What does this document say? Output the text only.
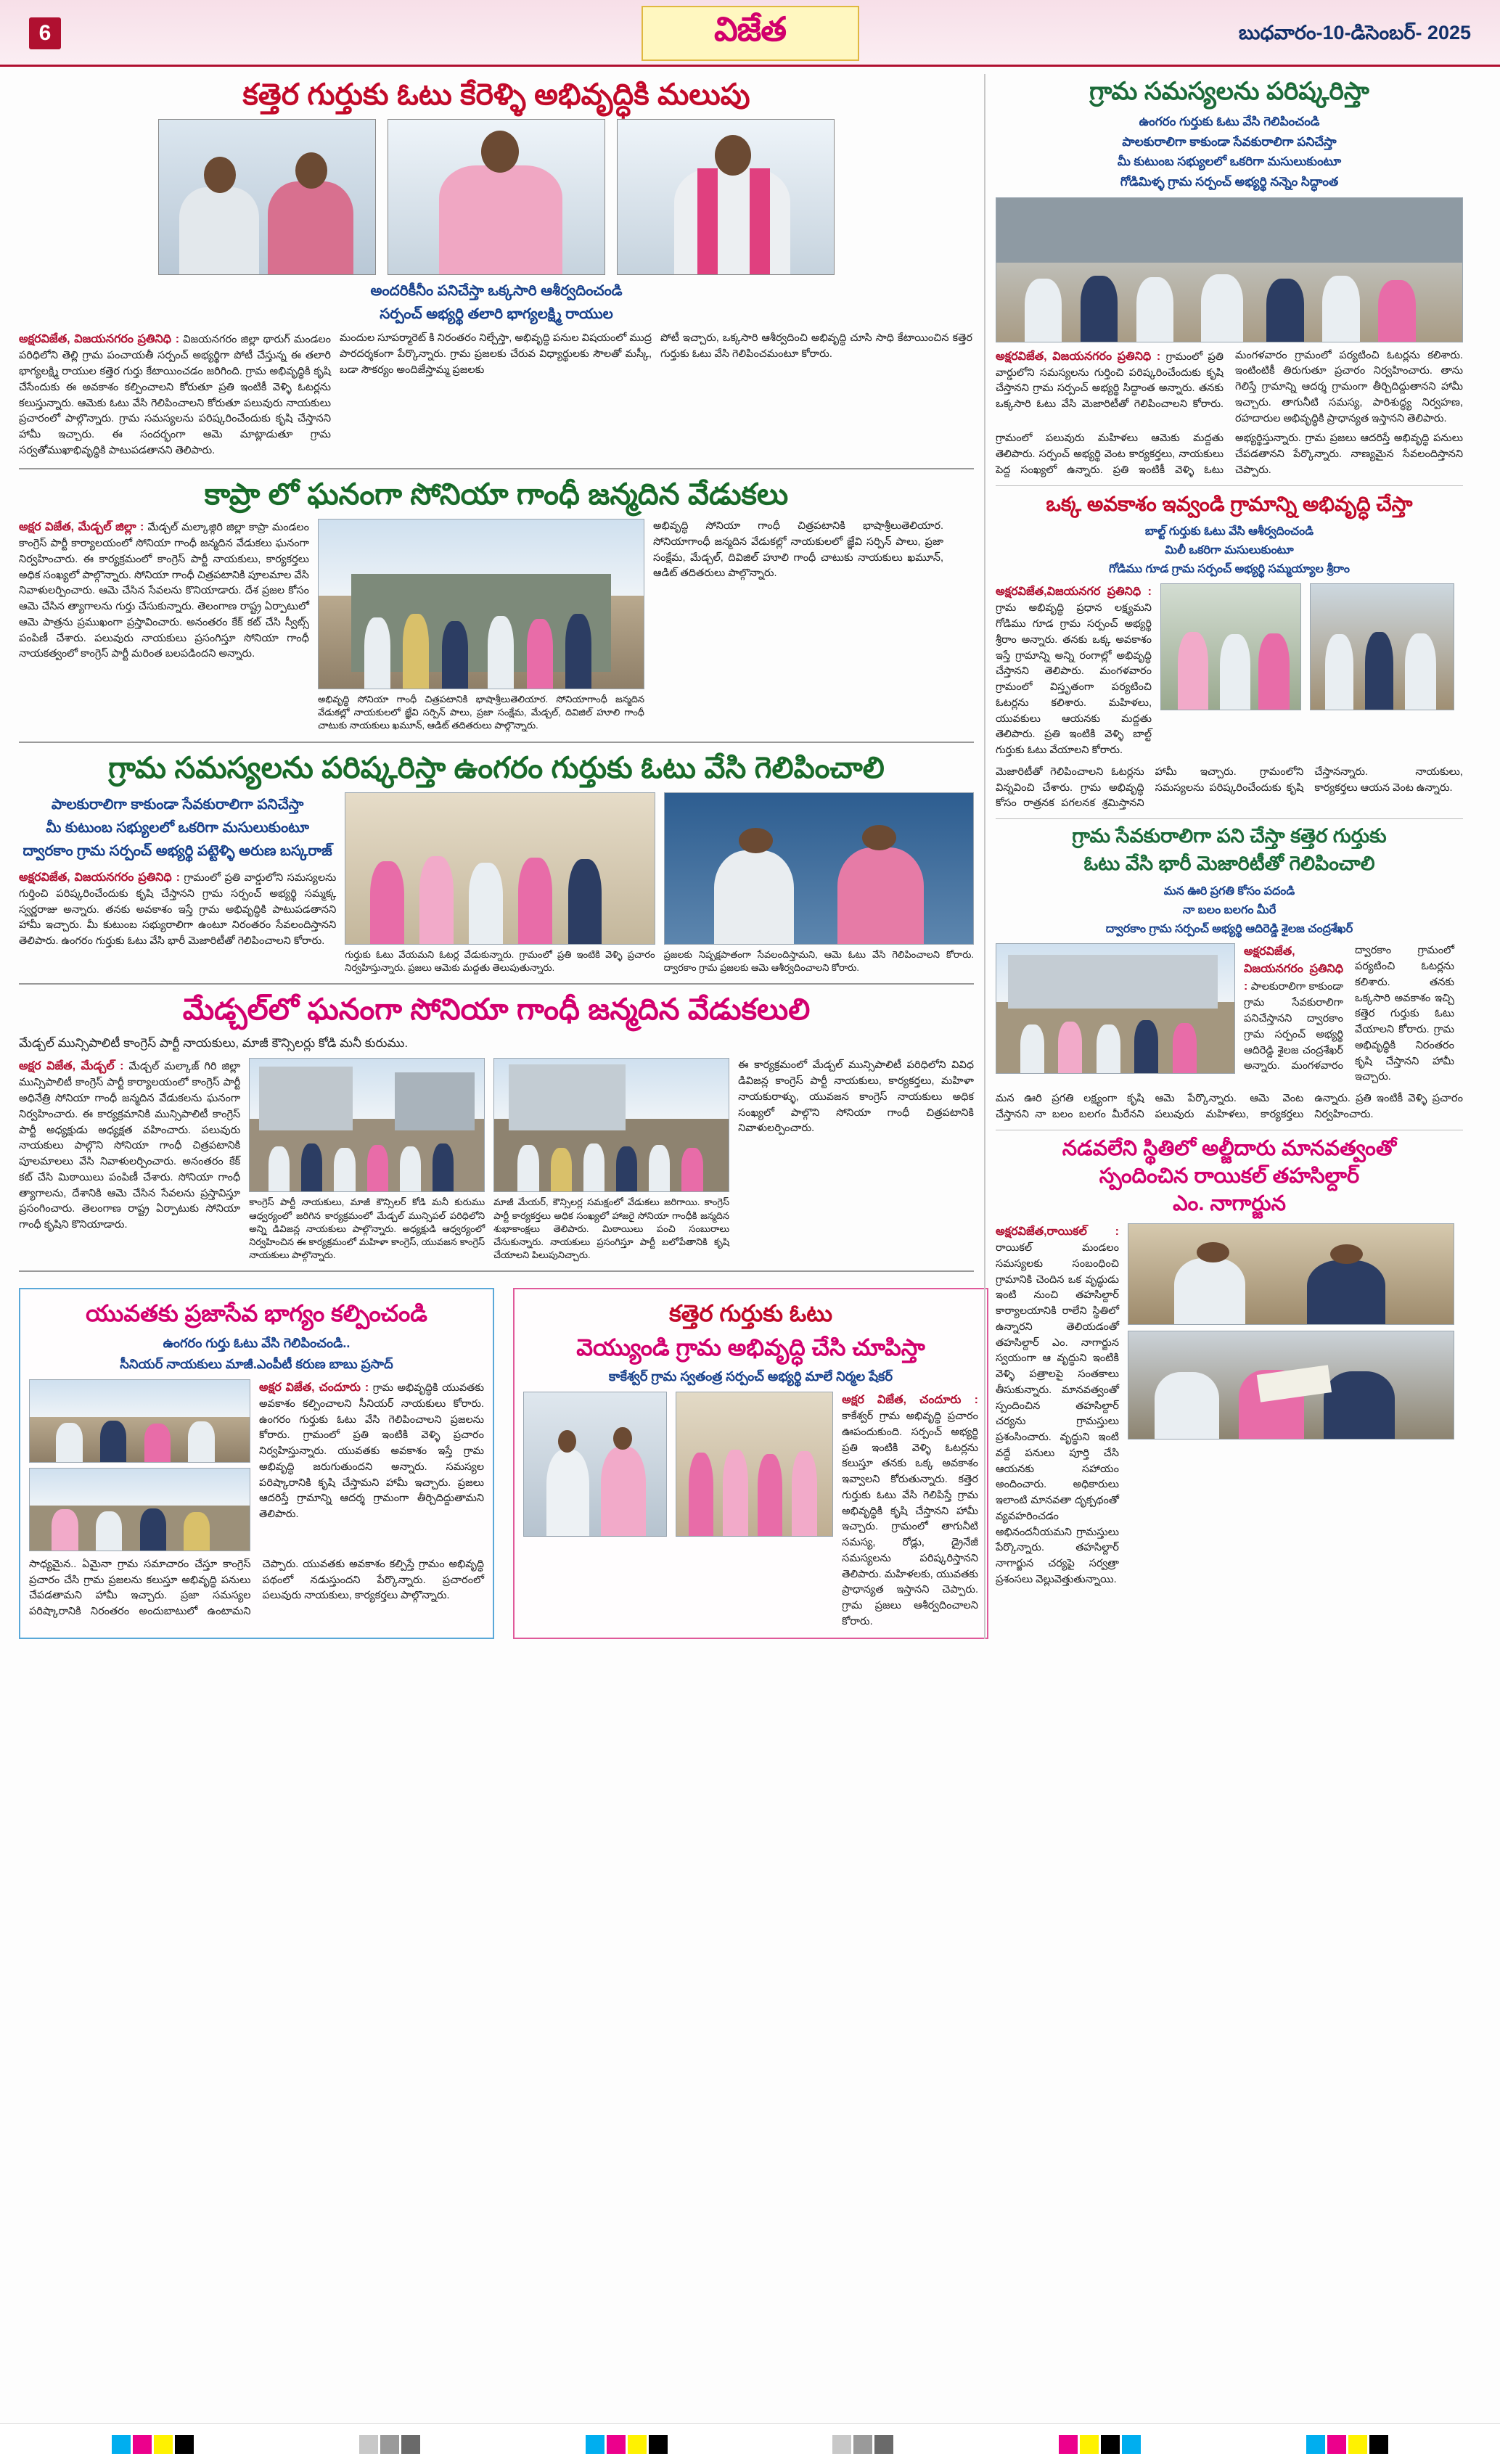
6	విజేత	బుధవారం-10-డిసెంబర్- 2025
కత్తెర గుర్తుకు ఓటు కేరెళ్ళి అభివృద్ధికి మలుపు
అందరికీనీం పనిచేస్తా ఒక్కసారి ఆశీర్వదించండి
సర్పంచ్ అభ్యర్థి తలారి భాగ్యలక్ష్మి రాయుల
అక్షరవిజేత, విజయనగరం ప్రతినిధి : విజయనగరం జిల్లా థారుగ్ మండలం పరిధిలోని తెల్లి గ్రామ పంచాయతీ సర్పంచ్ అభ్యర్థిగా పోటీ చేస్తున్న ఈ తలారి భాగ్యలక్ష్మి రాయుల కత్తెర గుర్తు కేటాయించడం జరిగింది. గ్రామ అభివృద్ధికి కృషి చేసేందుకు ఈ అవకాశం కల్పించాలని కోరుతూ ప్రతి ఇంటికీ వెళ్ళి ఓటర్లను కలుస్తున్నారు. ఆమెకు ఓటు వేసి గెలిపించాలని కోరుతూ పలువురు నాయకులు ప్రచారంలో పాల్గొన్నారు. గ్రామ సమస్యలను పరిష్కరించేందుకు కృషి చేస్తానని హామీ ఇచ్చారు. ఈ సందర్భంగా ఆమె మాట్లాడుతూ గ్రామ సర్వతోముఖాభివృద్ధికి పాటుపడతానని తెలిపారు.
మందుల సూపర్మారెట్ కి నిరంతరం నిల్చేస్తా, అభివృద్ధి పనుల విషయంలో ముద్ర పారదర్శకంగా పేర్కొన్నారు. గ్రామ ప్రజలకు చేరువ విధ్యార్థులకు సౌలతో మస్కీ, బడా సౌకర్యం అందిజేస్తామ్మ ప్రజలకు
పోటీ ఇచ్చారు, ఒక్కసారి ఆశీర్వదించి అభివృద్ధి చూసి సాధి కేటాయించిన కత్తెర గుర్తుకు ఓటు వేసి గెలిపించమంటూ కోరారు.
కాప్రా లో ఘనంగా సోనియా గాంధీ జన్మదిన వేడుకలు
అక్షర విజేత, మేడ్చల్ జిల్లా : మేడ్చల్ మల్కాజ్గిరి జిల్లా కాప్రా మండలం కాంగ్రెస్ పార్టీ కార్యాలయంలో సోనియా గాంధీ జన్మదిన వేడుకలు ఘనంగా నిర్వహించారు. ఈ కార్యక్రమంలో కాంగ్రెస్ పార్టీ నాయకులు, కార్యకర్తలు అధిక సంఖ్యలో పాల్గొన్నారు. సోనియా గాంధీ చిత్రపటానికి పూలమాల వేసి నివాళులర్పించారు. ఆమె చేసిన సేవలను కొనియాడారు. దేశ ప్రజల కోసం ఆమె చేసిన త్యాగాలను గుర్తు చేసుకున్నారు. తెలంగాణ రాష్ట్ర ఏర్పాటులో ఆమె పాత్రను ప్రముఖంగా ప్రస్తావించారు. అనంతరం కేక్ కట్ చేసి స్వీట్స్ పంపిణీ చేశారు. పలువురు నాయకులు ప్రసంగిస్తూ సోనియా గాంధీ నాయకత్వంలో కాంగ్రెస్ పార్టీ మరింత బలపడిందని అన్నారు.
అభివృద్ధి సోనియా గాంధీ చిత్రపటానికి భాషాశ్రీలుతెలియార. సోనియాగాంధీ జన్మదిన వేడుకల్లో నాయకులలో జ్ఞేవి సర్పిన్ పాలు, ప్రజా సంక్షేమ, మేడ్చల్, దివిజిల్ హూలి గాంధీ చాటుకు నాయకులు ఖమూన్, ఆడిట్ తదితరులు పాల్గొన్నారు.
అభివృద్ధి సోనియా గాంధీ చిత్రపటానికి భాషాశ్రీలుతెలియార. సోనియాగాంధీ జన్మదిన వేడుకల్లో నాయకులలో జ్ఞేవి సర్పిన్ పాలు, ప్రజా సంక్షేమ, మేడ్చల్, దివిజిల్ హూలి గాంధీ చాటుకు నాయకులు ఖమూన్, ఆడిట్ తదితరులు పాల్గొన్నారు.
గ్రామ సమస్యలను పరిష్కరిస్తా ఉంగరం గుర్తుకు ఓటు వేసి గెలిపించాలి
పాలకురాలిగా కాకుండా సేవకురాలిగా పనిచేస్తా
మీ కుటుంబ సభ్యులలో ఒకరిగా మసులుకుంటూ
ద్వారకాం గ్రామ సర్పంచ్ అభ్యర్థి పట్టెళ్ళి అరుణ బస్కరాజ్
అక్షరవిజేత, విజయనగరం ప్రతినిధి : గ్రామంలో ప్రతి వార్డులోని సమస్యలను గుర్తించి పరిష్కరించేందుకు కృషి చేస్తానని గ్రామ సర్పంచ్ అభ్యర్థి సమ్మక్క స్వర్ణరాజు అన్నారు. తనకు అవకాశం ఇస్తే గ్రామ అభివృద్ధికి పాటుపడతానని హామీ ఇచ్చారు. మీ కుటుంబ సభ్యురాలిగా ఉంటూ నిరంతరం సేవలందిస్తానని తెలిపారు. ఉంగరం గుర్తుకు ఓటు వేసి భారీ మెజారిటీతో గెలిపించాలని కోరారు.
గుర్తుకు ఓటు వేయమని ఓటర్ల వేడుకున్నారు. గ్రామంలో ప్రతి ఇంటికి వెళ్ళి ప్రచారం నిర్వహిస్తున్నారు. ప్రజలు ఆమెకు మద్దతు తెలుపుతున్నారు.
ప్రజలకు నిష్పక్షపాతంగా సేవలందిస్తామని, ఆమె ఓటు వేసి గెలిపించాలని కోరారు. ద్వారకాం గ్రామ ప్రజలకు ఆమె ఆశీర్వదించాలని కోరారు.
మేడ్చల్‌లో ఘనంగా సోనియా గాంధీ జన్మదిన వేడుకలులి
మేడ్చల్ మున్సిపాలిటీ కాంగ్రెస్ పార్టీ నాయకులు, మాజీ కౌన్సిలర్లు కోడి మనీ కురుము.
అక్షర విజేత, మేడ్చల్ : మేడ్చల్ మల్కాజ్ గిరి జిల్లా మున్సిపాలిటీ కాంగ్రెస్ పార్టీ కార్యాలయంలో కాంగ్రెస్ పార్టీ అధినేత్రి సోనియా గాంధీ జన్మదిన వేడుకలను ఘనంగా నిర్వహించారు. ఈ కార్యక్రమానికి మున్సిపాలిటీ కాంగ్రెస్ పార్టీ అధ్యక్షుడు అధ్యక్షత వహించారు. పలువురు నాయకులు పాల్గొని సోనియా గాంధీ చిత్రపటానికి పూలమాలలు వేసి నివాళులర్పించారు. అనంతరం కేక్ కట్ చేసి మిఠాయిలు పంపిణీ చేశారు. సోనియా గాంధీ త్యాగాలను, దేశానికి ఆమె చేసిన సేవలను ప్రస్తావిస్తూ ప్రసంగించారు. తెలంగాణ రాష్ట్ర ఏర్పాటుకు సోనియా గాంధీ కృషిని కొనియాడారు.
కాంగ్రెస్ పార్టీ నాయకులు, మాజీ కౌన్సిలర్ కోడి మనీ కురుము ఆధ్వర్యంలో జరిగిన కార్యక్రమంలో మేడ్చల్ మున్సిపల్ పరిధిలోని అన్ని డివిజన్ల నాయకులు పాల్గొన్నారు. అధ్యక్షుడి ఆధ్వర్యంలో నిర్వహించిన ఈ కార్యక్రమంలో మహిళా కాంగ్రెస్, యువజన కాంగ్రెస్ నాయకులు పాల్గొన్నారు.
మాజీ మేయర్, కౌన్సిలర్ల సమక్షంలో వేడుకలు జరిగాయి. కాంగ్రెస్ పార్టీ కార్యకర్తలు అధిక సంఖ్యలో హాజరై సోనియా గాంధీకి జన్మదిన శుభాకాంక్షలు తెలిపారు. మిఠాయిలు పంచి సంబురాలు చేసుకున్నారు. నాయకులు ప్రసంగిస్తూ పార్టీ బలోపేతానికి కృషి చేయాలని పిలుపునిచ్చారు.
ఈ కార్యక్రమంలో మేడ్చల్ మున్సిపాలిటీ పరిధిలోని వివిధ డివిజన్ల కాంగ్రెస్ పార్టీ నాయకులు, కార్యకర్తలు, మహిళా నాయకురాళ్ళు, యువజన కాంగ్రెస్ నాయకులు అధిక సంఖ్యలో పాల్గొని సోనియా గాంధీ చిత్రపటానికి నివాళులర్పించారు.
యువతకు ప్రజాసేవ భాగ్యం కల్పించండి
ఉంగరం గుర్తు ఓటు వేసి గెలిపించండి..
సీనియర్ నాయకులు మాజీ.ఎంపీటీ కరుణ బాబు ప్రసాద్
అక్షర విజేత, చందూరు : గ్రామ అభివృద్ధికి యువతకు అవకాశం కల్పించాలని సీనియర్ నాయకులు కోరారు. ఉంగరం గుర్తుకు ఓటు వేసి గెలిపించాలని ప్రజలను కోరారు. గ్రామంలో ప్రతి ఇంటికి వెళ్ళి ప్రచారం నిర్వహిస్తున్నారు. యువతకు అవకాశం ఇస్తే గ్రామ అభివృద్ధి జరుగుతుందని అన్నారు. సమస్యల పరిష్కారానికి కృషి చేస్తామని హామీ ఇచ్చారు. ప్రజలు ఆదరిస్తే గ్రామాన్ని ఆదర్శ గ్రామంగా తీర్చిదిద్దుతామని తెలిపారు.
సాధ్యమైన.. ఏమైనా గ్రామ సమాచారం చేస్తూ కాంగ్రెస్ ప్రచారం చేసి గ్రామ ప్రజలను కలుస్తూ అభివృద్ధి పనులు చేపడతామని హామీ ఇచ్చారు. ప్రజా సమస్యల పరిష్కారానికి నిరంతరం అందుబాటులో ఉంటామని చెప్పారు. యువతకు అవకాశం కల్పిస్తే గ్రామం అభివృద్ధి పథంలో నడుస్తుందని పేర్కొన్నారు. ప్రచారంలో పలువురు నాయకులు, కార్యకర్తలు పాల్గొన్నారు.
కత్తెర గుర్తుకు ఓటు
వెయ్యుండి గ్రామ అభివృద్ధి చేసి చూపిస్తా
కాకేశ్వర్ గ్రామ స్వతంత్ర సర్పంచ్ అభ్యర్థి మాలే నిర్మల షేకర్
అక్షర విజేత, చందూరు : కాకేశ్వర్ గ్రామ అభివృద్ధి ప్రచారం ఊపందుకుంది. సర్పంచ్ అభ్యర్థి ప్రతి ఇంటికి వెళ్ళి ఓటర్లను కలుస్తూ తనకు ఒక్క అవకాశం ఇవ్వాలని కోరుతున్నారు. కత్తెర గుర్తుకు ఓటు వేసి గెలిపిస్తే గ్రామ అభివృద్ధికి కృషి చేస్తానని హామీ ఇచ్చారు. గ్రామంలో తాగునీటి సమస్య, రోడ్లు, డ్రైనేజీ సమస్యలను పరిష్కరిస్తానని తెలిపారు. మహిళలకు, యువతకు ప్రాధాన్యత ఇస్తానని చెప్పారు. గ్రామ ప్రజలు ఆశీర్వదించాలని కోరారు.
గ్రామ సమస్యలను పరిష్కరిస్తా
ఉంగరం గుర్తుకు ఓటు వేసి గెలిపించండి
పాలకురాలిగా కాకుండా సేవకురాలిగా పనిచేస్తా
మీ కుటుంబ సభ్యులలో ఒకరిగా మసులుకుంటూ
గోడిమిళ్ళ గ్రామ సర్పంచ్ అభ్యర్థి నన్నెం సిద్ధాంత
అక్షరవిజేత, విజయనగరం ప్రతినిధి : గ్రామంలో ప్రతి వార్డులోని సమస్యలను గుర్తించి పరిష్కరించేందుకు కృషి చేస్తానని గ్రామ సర్పంచ్ అభ్యర్థి సిద్ధాంత అన్నారు. తనకు ఒక్కసారి ఓటు వేసి మెజారిటీతో గెలిపించాలని కోరారు. మంగళవారం గ్రామంలో పర్యటించి ఓటర్లను కలిశారు. ఇంటింటికీ తిరుగుతూ ప్రచారం నిర్వహించారు. తాను గెలిస్తే గ్రామాన్ని ఆదర్శ గ్రామంగా తీర్చిదిద్దుతానని హామీ ఇచ్చారు. తాగునీటి సమస్య, పారిశుద్ధ్య నిర్వహణ, రహదారుల అభివృద్ధికి ప్రాధాన్యత ఇస్తానని తెలిపారు.
గ్రామంలో పలువురు మహిళలు ఆమెకు మద్దతు తెలిపారు. సర్పంచ్ అభ్యర్థి వెంట కార్యకర్తలు, నాయకులు పెద్ద సంఖ్యలో ఉన్నారు. ప్రతి ఇంటికీ వెళ్ళి ఓటు అభ్యర్థిస్తున్నారు. గ్రామ ప్రజలు ఆదరిస్తే అభివృద్ధి పనులు చేపడతానని పేర్కొన్నారు. నాణ్యమైన సేవలందిస్తానని చెప్పారు.
ఒక్క అవకాశం ఇవ్వండి గ్రామాన్ని అభివృద్ధి చేస్తా
బాల్ట్ గుర్తుకు ఓటు వేసి ఆశీర్వదించండి
మిలీ ఒకరిగా మసులుకుంటూ
గోడిము గూడ గ్రామ సర్పంచ్ అభ్యర్థి సమ్మయ్యాల శ్రీరాం
అక్షరవిజేత,విజయనగర ప్రతినిధి : గ్రామ అభివృద్ధి ప్రధాన లక్ష్యమని గోడిము గూడ గ్రామ సర్పంచ్ అభ్యర్థి శ్రీరాం అన్నారు. తనకు ఒక్క అవకాశం ఇస్తే గ్రామాన్ని అన్ని రంగాల్లో అభివృద్ధి చేస్తానని తెలిపారు. మంగళవారం గ్రామంలో విస్తృతంగా పర్యటించి ఓటర్లను కలిశారు. మహిళలు, యువకులు ఆయనకు మద్దతు తెలిపారు. ప్రతి ఇంటికి వెళ్ళి బాల్ట్ గుర్తుకు ఓటు వేయాలని కోరారు.
మెజారిటీతో గెలిపించాలని ఓటర్లను విన్నవించి చేశారు. గ్రామ అభివృద్ధి కోసం రాత్రనక పగలనక శ్రమిస్తానని హామీ ఇచ్చారు. గ్రామంలోని సమస్యలను పరిష్కరించేందుకు కృషి చేస్తానన్నారు. నాయకులు, కార్యకర్తలు ఆయన వెంట ఉన్నారు.
గ్రామ సేవకురాలిగా పని చేస్తా కత్తెర గుర్తుకు
ఓటు వేసి భారీ మెజారిటీతో గెలిపించాలి
మన ఊరి ప్రగతి కోసం పదండి
నా బలం బలగం మీరే
ద్వారకాం గ్రామ సర్పంచ్ అభ్యర్థి ఆదిరెడ్డి శైలజ చంద్రశేఖర్
అక్షరవిజేత, విజయనగరం ప్రతినిధి : పాలకురాలిగా కాకుండా గ్రామ సేవకురాలిగా పనిచేస్తానని ద్వారకాం గ్రామ సర్పంచ్ అభ్యర్థి ఆదిరెడ్డి శైలజ చంద్రశేఖర్ అన్నారు. మంగళవారం ద్వారకాం గ్రామంలో పర్యటించి ఓటర్లను కలిశారు. తనకు ఒక్కసారి అవకాశం ఇచ్చి కత్తెర గుర్తుకు ఓటు వేయాలని కోరారు. గ్రామ అభివృద్ధికి నిరంతరం కృషి చేస్తానని హామీ ఇచ్చారు.
మన ఊరి ప్రగతి లక్ష్యంగా కృషి చేస్తానని నా బలం బలగం మీరేనని ఆమె పేర్కొన్నారు. ఆమె వెంట పలువురు మహిళలు, కార్యకర్తలు ఉన్నారు. ప్రతి ఇంటికీ వెళ్ళి ప్రచారం నిర్వహించారు.
నడవలేని స్థితిలో అల్జీదారు మానవత్వంతో
స్పందించిన రాయికల్ తహసిల్దార్
ఎం. నాగార్జున
అక్షరవిజేత,రాయికల్ : రాయికల్ మండలం సమస్యలకు సంబంధించి గ్రామానికి చెందిన ఒక వృద్ధుడు ఇంటి నుంచి తహసిల్దార్ కార్యాలయానికి రాలేని స్థితిలో ఉన్నారని తెలియడంతో తహసిల్దార్ ఎం. నాగార్జున స్వయంగా ఆ వృద్ధుని ఇంటికి వెళ్ళి పత్రాలపై సంతకాలు తీసుకున్నారు. మానవత్వంతో స్పందించిన తహసిల్దార్ చర్యను గ్రామస్తులు ప్రశంసించారు. వృద్ధుని ఇంటి వద్దే పనులు పూర్తి చేసి ఆయనకు సహాయం అందించారు. అధికారులు ఇలాంటి మానవతా దృక్పథంతో వ్యవహరించడం అభినందనీయమని గ్రామస్తులు పేర్కొన్నారు. తహసిల్దార్ నాగార్జున చర్యపై సర్వత్రా ప్రశంసలు వెల్లువెత్తుతున్నాయి.
